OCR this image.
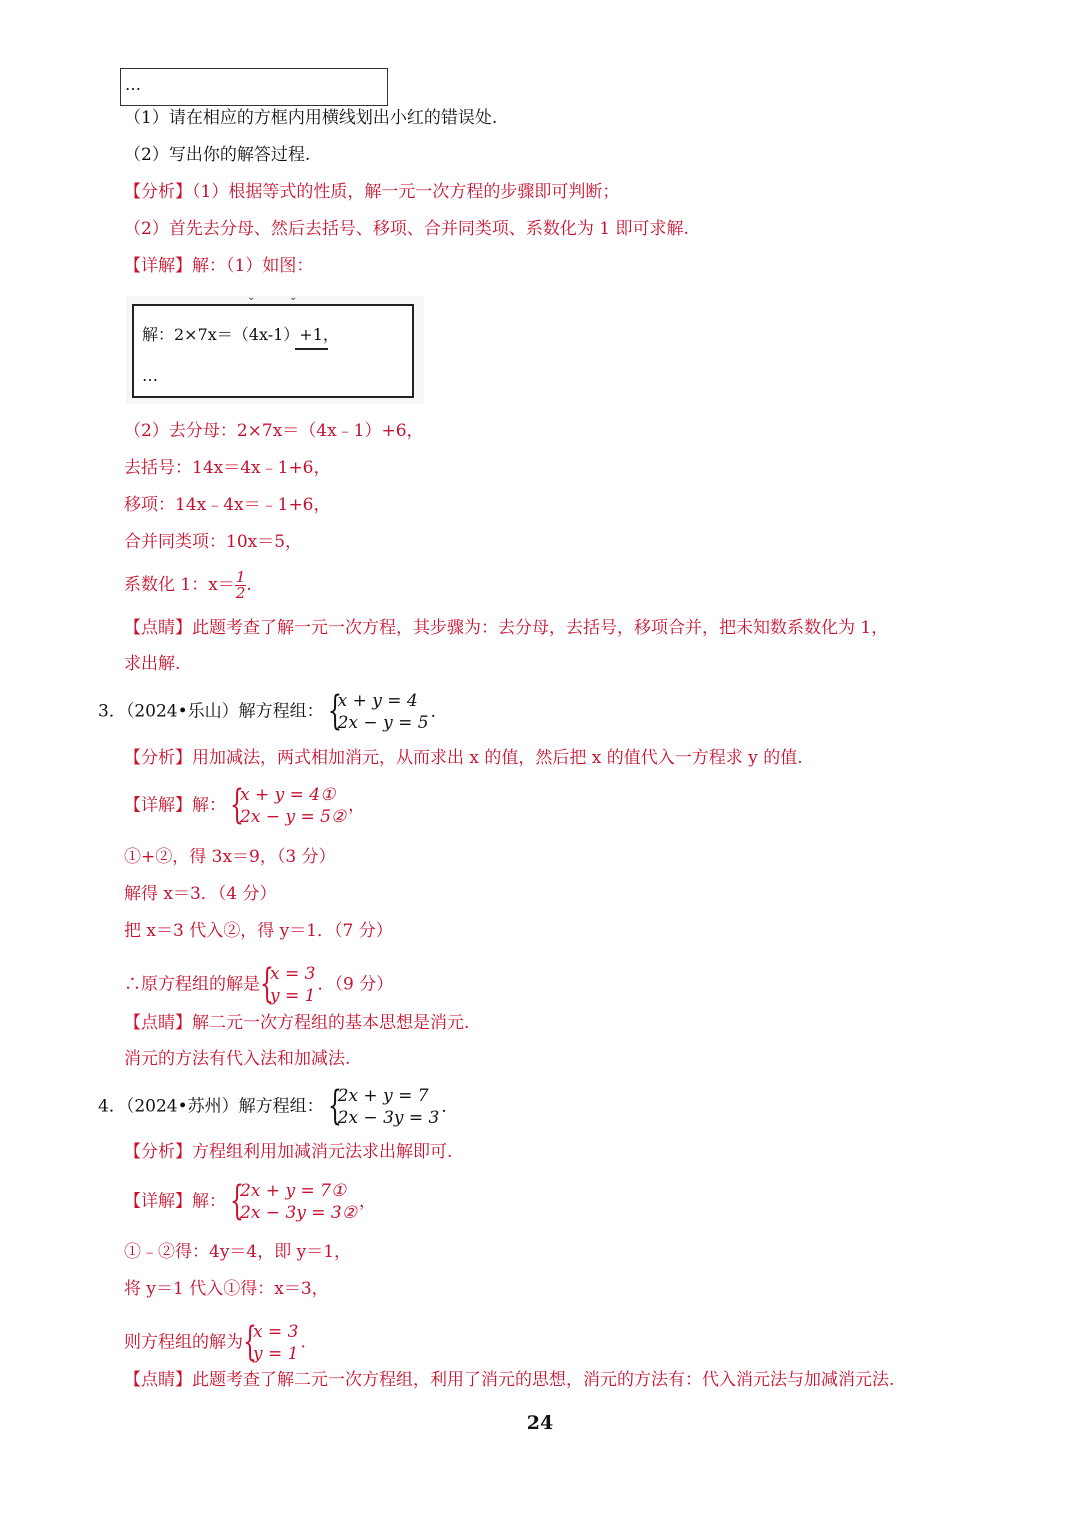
…
（1）请在相应的方框内用横线划出小红的错误处.
（2）写出你的解答过程.
【分析】（1）根据等式的性质，解一元一次方程的步骤即可判断；
（2）首先去分母、然后去括号、移项、合并同类项、系数化为 1 即可求解.
【详解】解：（1）如图：
⌄	⌄
解：2×7x＝（4x-1）+1，
…
（2）去分母：2×7x＝（4x﹣1）+6，
去括号：14x＝4x﹣1+6，
移项：14x﹣4x＝﹣1+6，
合并同类项：10x＝5，
系数化 1：$x= \frac{1}{2}$ .
【点睛】此题考查了解一元一次方程，其步骤为：去分母，去括号，移项合并，把未知数系数化为 1，
求出解.
3．（2024•乐山）解方程组： {
x + y = 4
2x − y = 5
.
【分析】用加减法，两式相加消元，从而求出 x 的值，然后把 x 的值代入一方程求 y 的值.
【详解】解： {
x + y = 4①
2x − y = 5②
，
①+②，得 3x＝9，（3 分）
解得 x＝3．（4 分）
把 x＝3 代入②，得 y＝1．（7 分）
∴原方程组的解是 {
x = 3
y = 1
．（9 分）
【点睛】解二元一次方程组的基本思想是消元.
消元的方法有代入法和加减法.
4．（2024•苏州）解方程组： {
2x + y = 7
2x − 3y = 3
.
【分析】方程组利用加减消元法求出解即可.
【详解】解： {
2x + y = 7①
2x − 3y = 3②
，
①﹣②得：4y＝4，即 y＝1，
将 y＝1 代入①得：x＝3，
则方程组的解为 {
x = 3
y = 1
.
【点睛】此题考查了解二元一次方程组，利用了消元的思想，消元的方法有：代入消元法与加减消元法.
24
